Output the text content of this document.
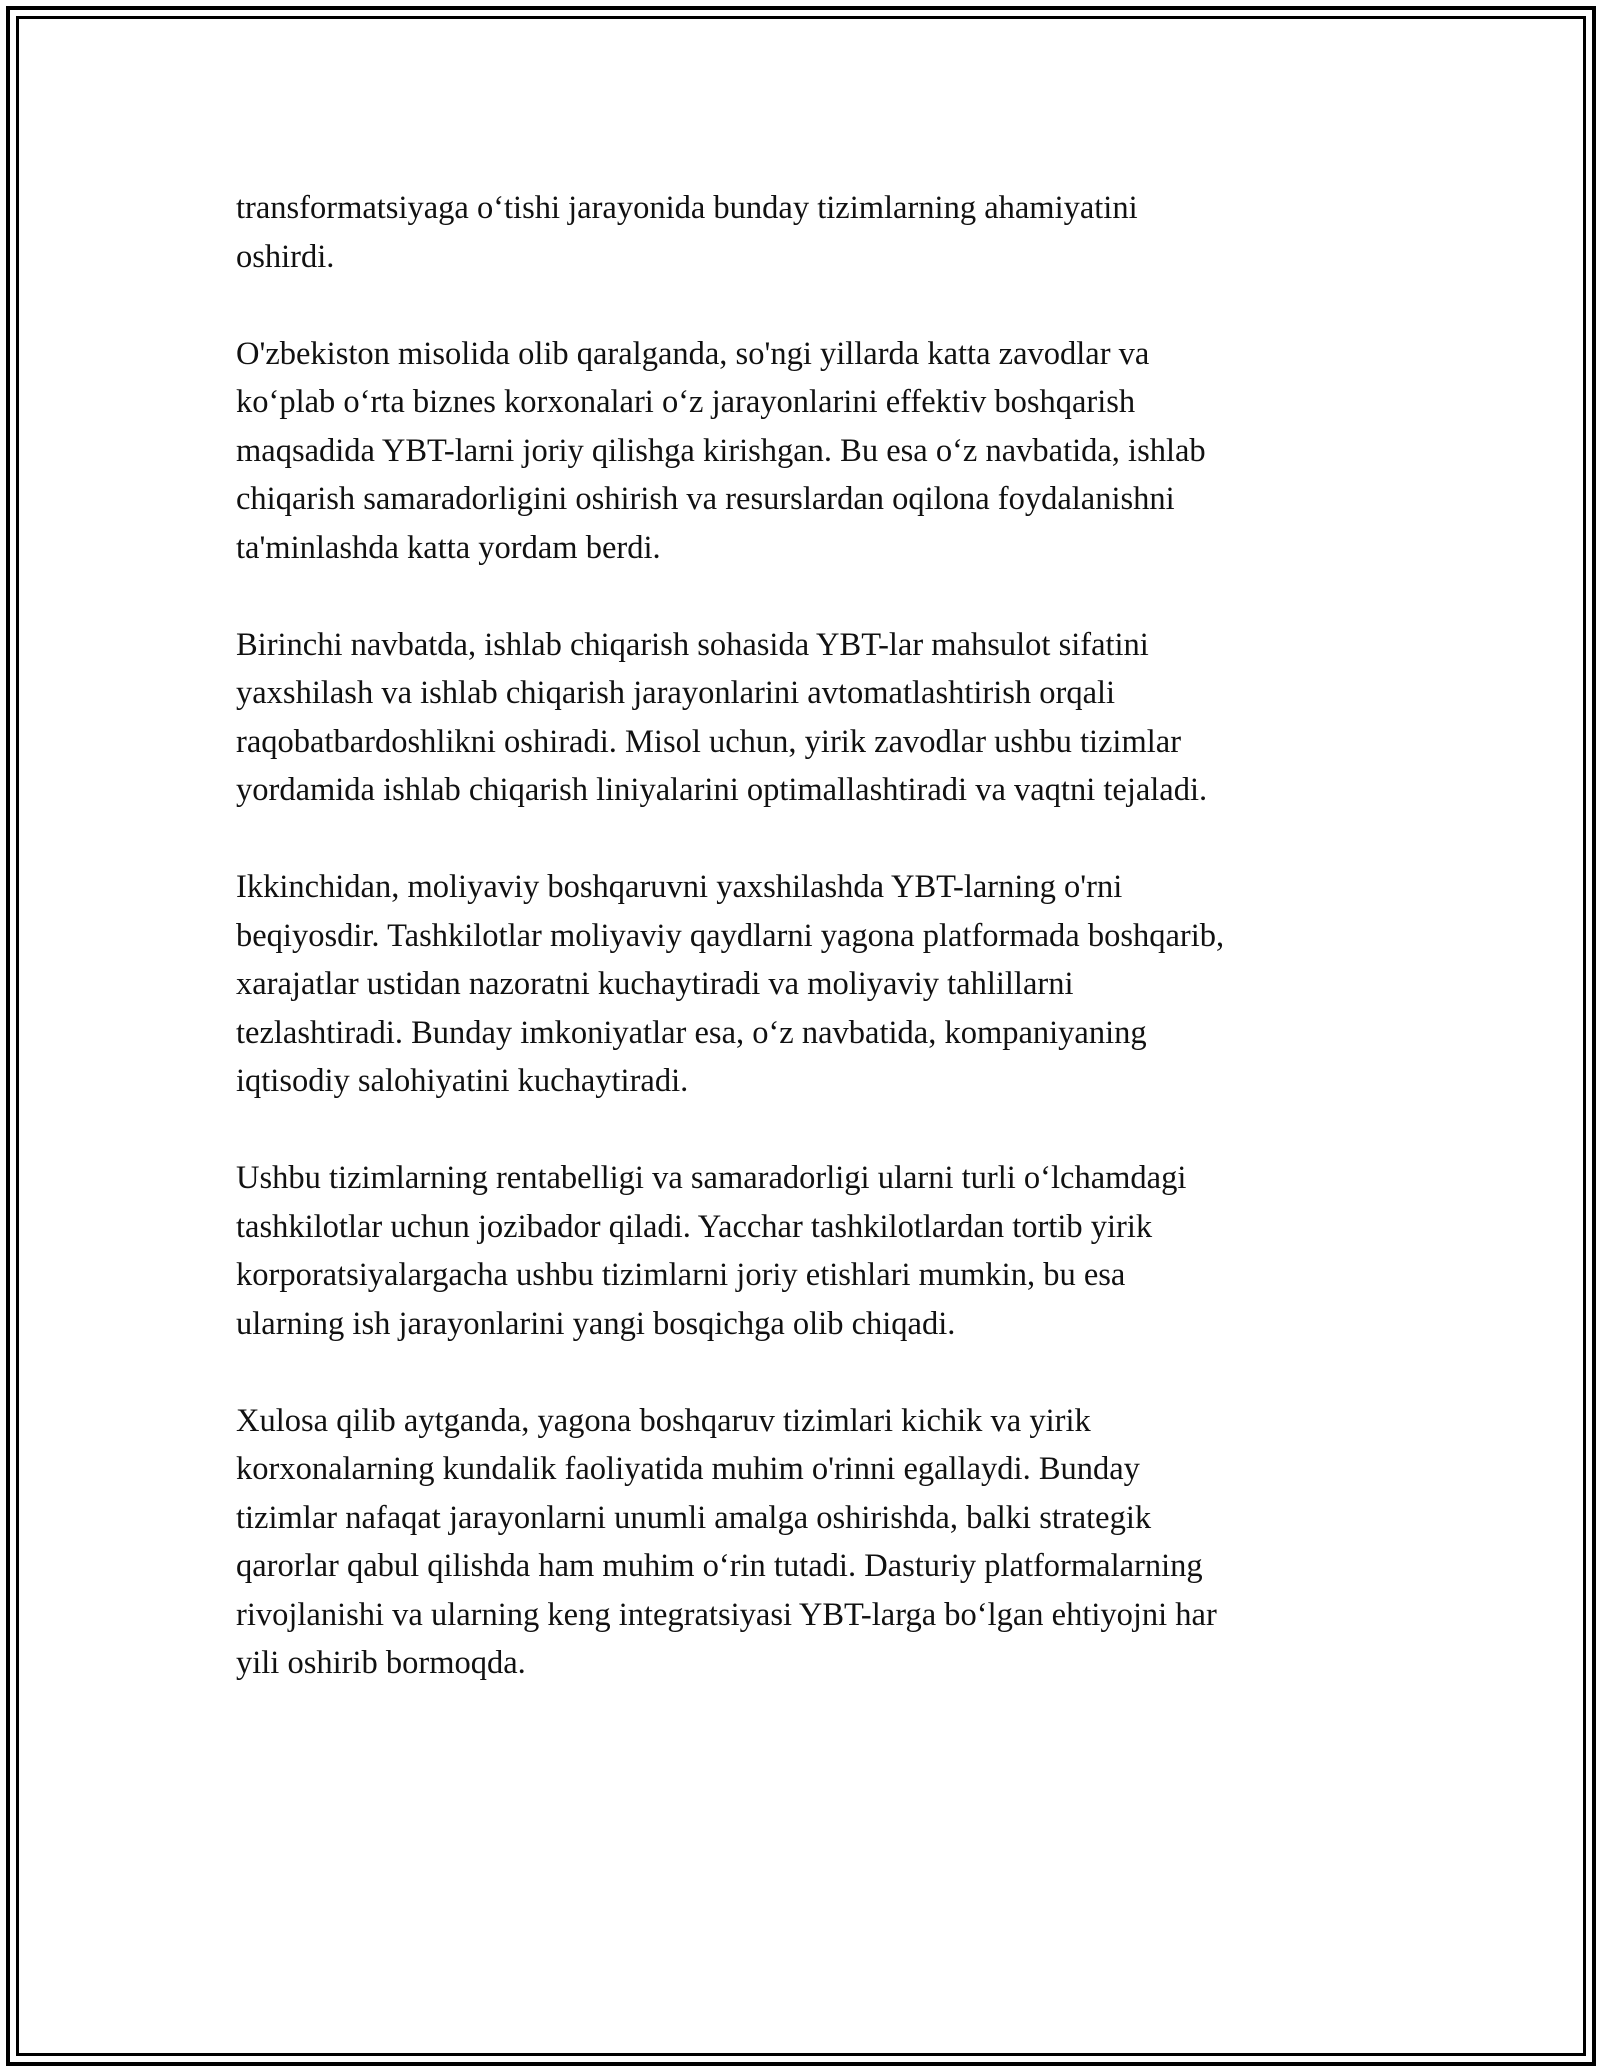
transformatsiyaga o‘tishi jarayonida bunday tizimlarning ahamiyatini
oshirdi.

O'zbekiston misolida olib qaralganda, so'ngi yillarda katta zavodlar va
ko‘plab o‘rta biznes korxonalari o‘z jarayonlarini effektiv boshqarish
maqsadida YBT-larni joriy qilishga kirishgan. Bu esa o‘z navbatida, ishlab
chiqarish samaradorligini oshirish va resurslardan oqilona foydalanishni
ta'minlashda katta yordam berdi.

Birinchi navbatda, ishlab chiqarish sohasida YBT-lar mahsulot sifatini
yaxshilash va ishlab chiqarish jarayonlarini avtomatlashtirish orqali
raqobatbardoshlikni oshiradi. Misol uchun, yirik zavodlar ushbu tizimlar
yordamida ishlab chiqarish liniyalarini optimallashtiradi va vaqtni tejaladi.

Ikkinchidan, moliyaviy boshqaruvni yaxshilashda YBT-larning o'rni
beqiyosdir. Tashkilotlar moliyaviy qaydlarni yagona platformada boshqarib,
xarajatlar ustidan nazoratni kuchaytiradi va moliyaviy tahlillarni
tezlashtiradi. Bunday imkoniyatlar esa, o‘z navbatida, kompaniyaning
iqtisodiy salohiyatini kuchaytiradi.

Ushbu tizimlarning rentabelligi va samaradorligi ularni turli o‘lchamdagi
tashkilotlar uchun jozibador qiladi. Yacchar tashkilotlardan tortib yirik
korporatsiyalargacha ushbu tizimlarni joriy etishlari mumkin, bu esa
ularning ish jarayonlarini yangi bosqichga olib chiqadi.

Xulosa qilib aytganda, yagona boshqaruv tizimlari kichik va yirik
korxonalarning kundalik faoliyatida muhim o'rinni egallaydi. Bunday
tizimlar nafaqat jarayonlarni unumli amalga oshirishda, balki strategik
qarorlar qabul qilishda ham muhim o‘rin tutadi. Dasturiy platformalarning
rivojlanishi va ularning keng integratsiyasi YBT-larga bo‘lgan ehtiyojni har
yili oshirib bormoqda.
